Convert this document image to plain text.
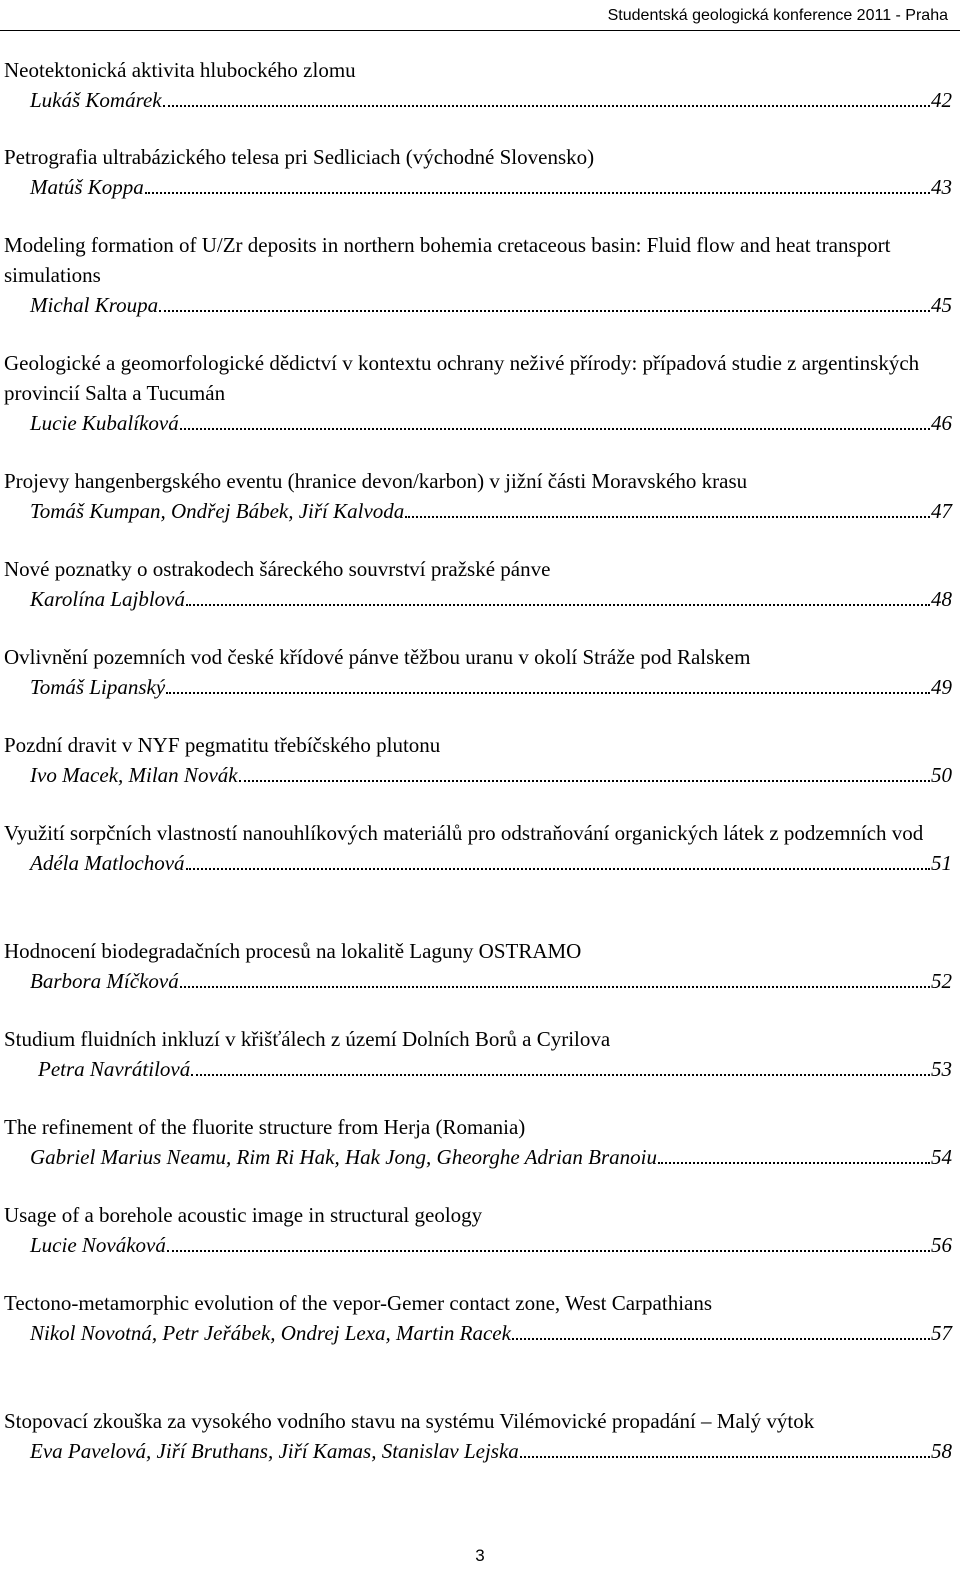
Studentská geologická konference 2011 - Praha
Neotektonická aktivita hlubockého zlomu
Lukáš Komárek	42
Petrografia ultrabázického telesa pri Sedliciach (východné Slovensko)
Matúš Koppa	43
Modeling formation of U/Zr deposits in northern bohemia cretaceous basin: Fluid flow and heat transport simulations
Michal Kroupa	45
Geologické a geomorfologické dědictví v kontextu ochrany neživé přírody: případová studie z argentinských provincií Salta a Tucumán
Lucie Kubalíková	46
Projevy hangenbergského eventu (hranice devon/karbon) v jižní části Moravského krasu
Tomáš Kumpan, Ondřej Bábek, Jiří Kalvoda	47
Nové poznatky o ostrakodech šáreckého souvrství pražské pánve
Karolína Lajblová	48
Ovlivnění pozemních vod české křídové pánve těžbou uranu v okolí Stráže pod Ralskem
Tomáš Lipanský	49
Pozdní dravit v NYF pegmatitu třebíčského plutonu
Ivo Macek, Milan Novák	50
Využití sorpčních vlastností nanouhlíkových materiálů pro odstraňování organických látek z podzemních vod
Adéla Matlochová	51
Hodnocení biodegradačních procesů na lokalitě Laguny OSTRAMO
Barbora Míčková	52
Studium fluidních inkluzí v křišťálech z území Dolních Borů a Cyrilova
Petra Navrátilová	53
The refinement of the fluorite structure from Herja (Romania)
Gabriel Marius Neamu, Rim Ri Hak, Hak Jong, Gheorghe Adrian Branoiu	54
Usage of a borehole acoustic image in structural geology
Lucie Nováková	56
Tectono-metamorphic evolution of the vepor-Gemer contact zone, West Carpathians
Nikol Novotná, Petr Jeřábek, Ondrej Lexa, Martin Racek	57
Stopovací zkouška za vysokého vodního stavu na systému Vilémovické propadání – Malý výtok
Eva Pavelová, Jiří Bruthans, Jiří Kamas, Stanislav Lejska	58
3
